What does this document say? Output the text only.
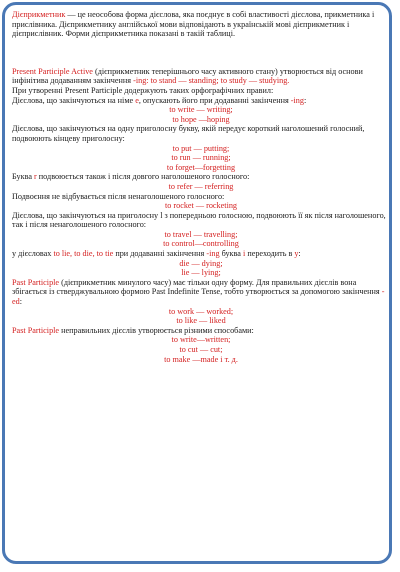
Дієприкметник — це неособова форма дієслова, яка поєднує в собі властивості дієслова, прикметника і прислівника. Дієприкметнику англійської мови відповідають в українській мові дієприкметник і дієприслівник. Форми дієприкметника показані в такій таблиці.

Present Participle Active (дієприкметник теперішнього часу активного стану) утворюється від основи інфінітива додаванням закінчення -ing: to stand — standing; to study — studying.

При утворенні Present Participle додержують таких орфографічних правил:

Дієслова, що закінчуються на німе е, опускають його при додаванні закінчення -ing:

to write — writing;

to hope —hoping

Дієслова, що закінчуються на одну приголосну букву, якій передує короткий наголошений голосний, подвоюють кінцеву приголосну:

to put — putting;

to run — running;

to forget—forgetting

Буква r подвоюється також і після довгого наголошеного голосного:

to refer — referring

Подвоєння не відбувається після ненаголошеного голосного:

to rocket — rocketing

Дієслова, що закінчуються на приголосну l з попередньою голосною, подвоюють її як після наголошеного, так і після ненаголошеного голосного:

to travel — travelling;

to control—controlling

у дієсловах to lie, to die, to tie при додаванні закінчення -ing буква і переходить в у:

die — dying;

lie — lying;

Past Participle (дієприкметник минулого часу) має тільки одну форму. Для правильних дієслів вона збігається із стверджувальною формою Past Indefinite Tense, тобто утворюється за допомогою закінчення -ed:

to work — worked;

to like — liked

Past Participle неправильних дієслів утворюється різними способами:

to write—written;

to cut — cut;

to make —made і т. д.
